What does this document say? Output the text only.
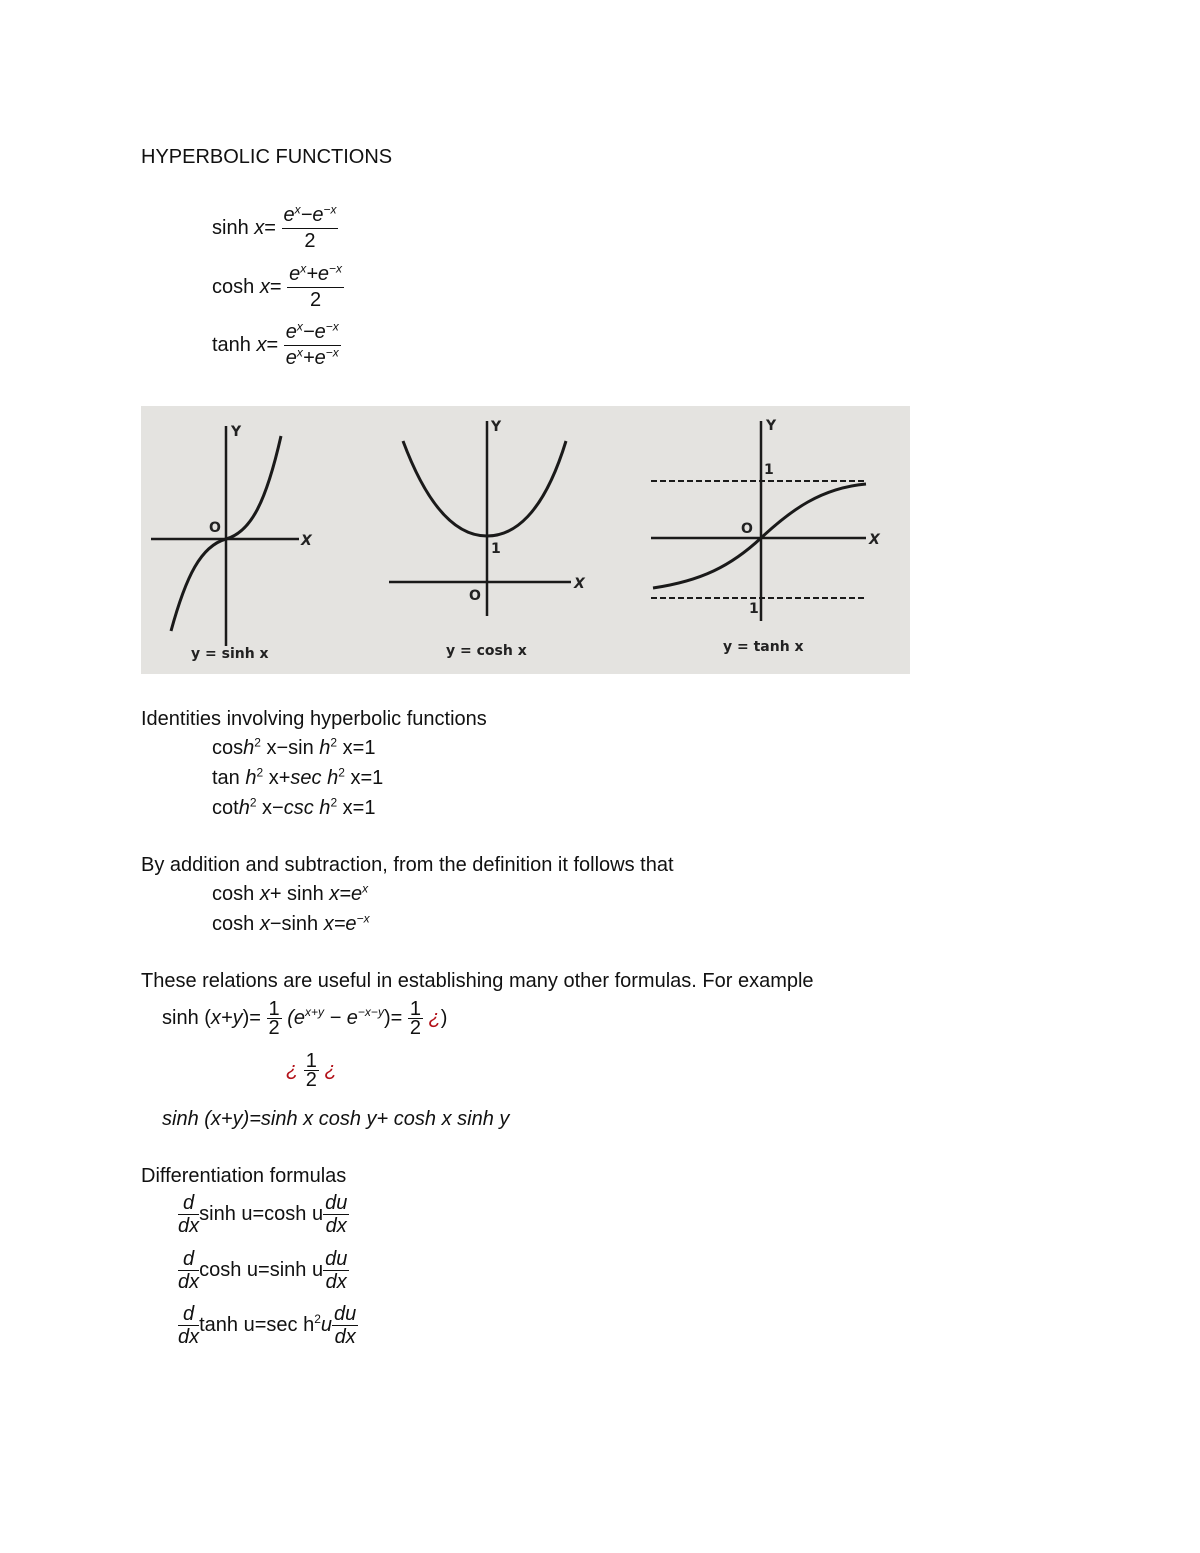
HYPERBOLIC FUNCTIONS
$\sinh x= \frac{e^x-e^{-x}}{2}$
$\cosh x= \frac{e^x+e^{-x}}{2}$
$\tanh x= \frac{e^x-e^{-x}}{e^x+e^{-x}}$
Y
O
X
y = sinh x
Y
1
O
X
y = cosh x
Y
1
O
1
X
y = tanh x
Identities involving hyperbolic functions
$\cosh^2 x-\sin$ $h^2$ x=1
$\tan h^2$ x+sec $h^2$ x=1
coth$^2$ x−csc $h^2$ x=1
By addition and subtraction, from the definition it follows that
$\cosh x+ \sinh x=e^x$
cosh x−sinh $x=e^{-x}$
These relations are useful in establishing many other formulas. For example
$\sinh (x+y)= \frac{1}{2} (e^{x+y} - e^{-x-y})= \frac{1}{2}$ ¿)
¿ $\frac{1}{2}$ ¿
sinh (x+y)=sinh x cosh y+ cosh x sinh y
Differentiation formulas
$\frac{d}{dx}$ sinh u=cosh u $\frac{du}{dx}$
$\frac{d}{dx}$ cosh u=sinh u $\frac{du}{dx}$
$\frac{d}{dx}$ tanh u=sec $h^2u \frac{du}{dx}$
